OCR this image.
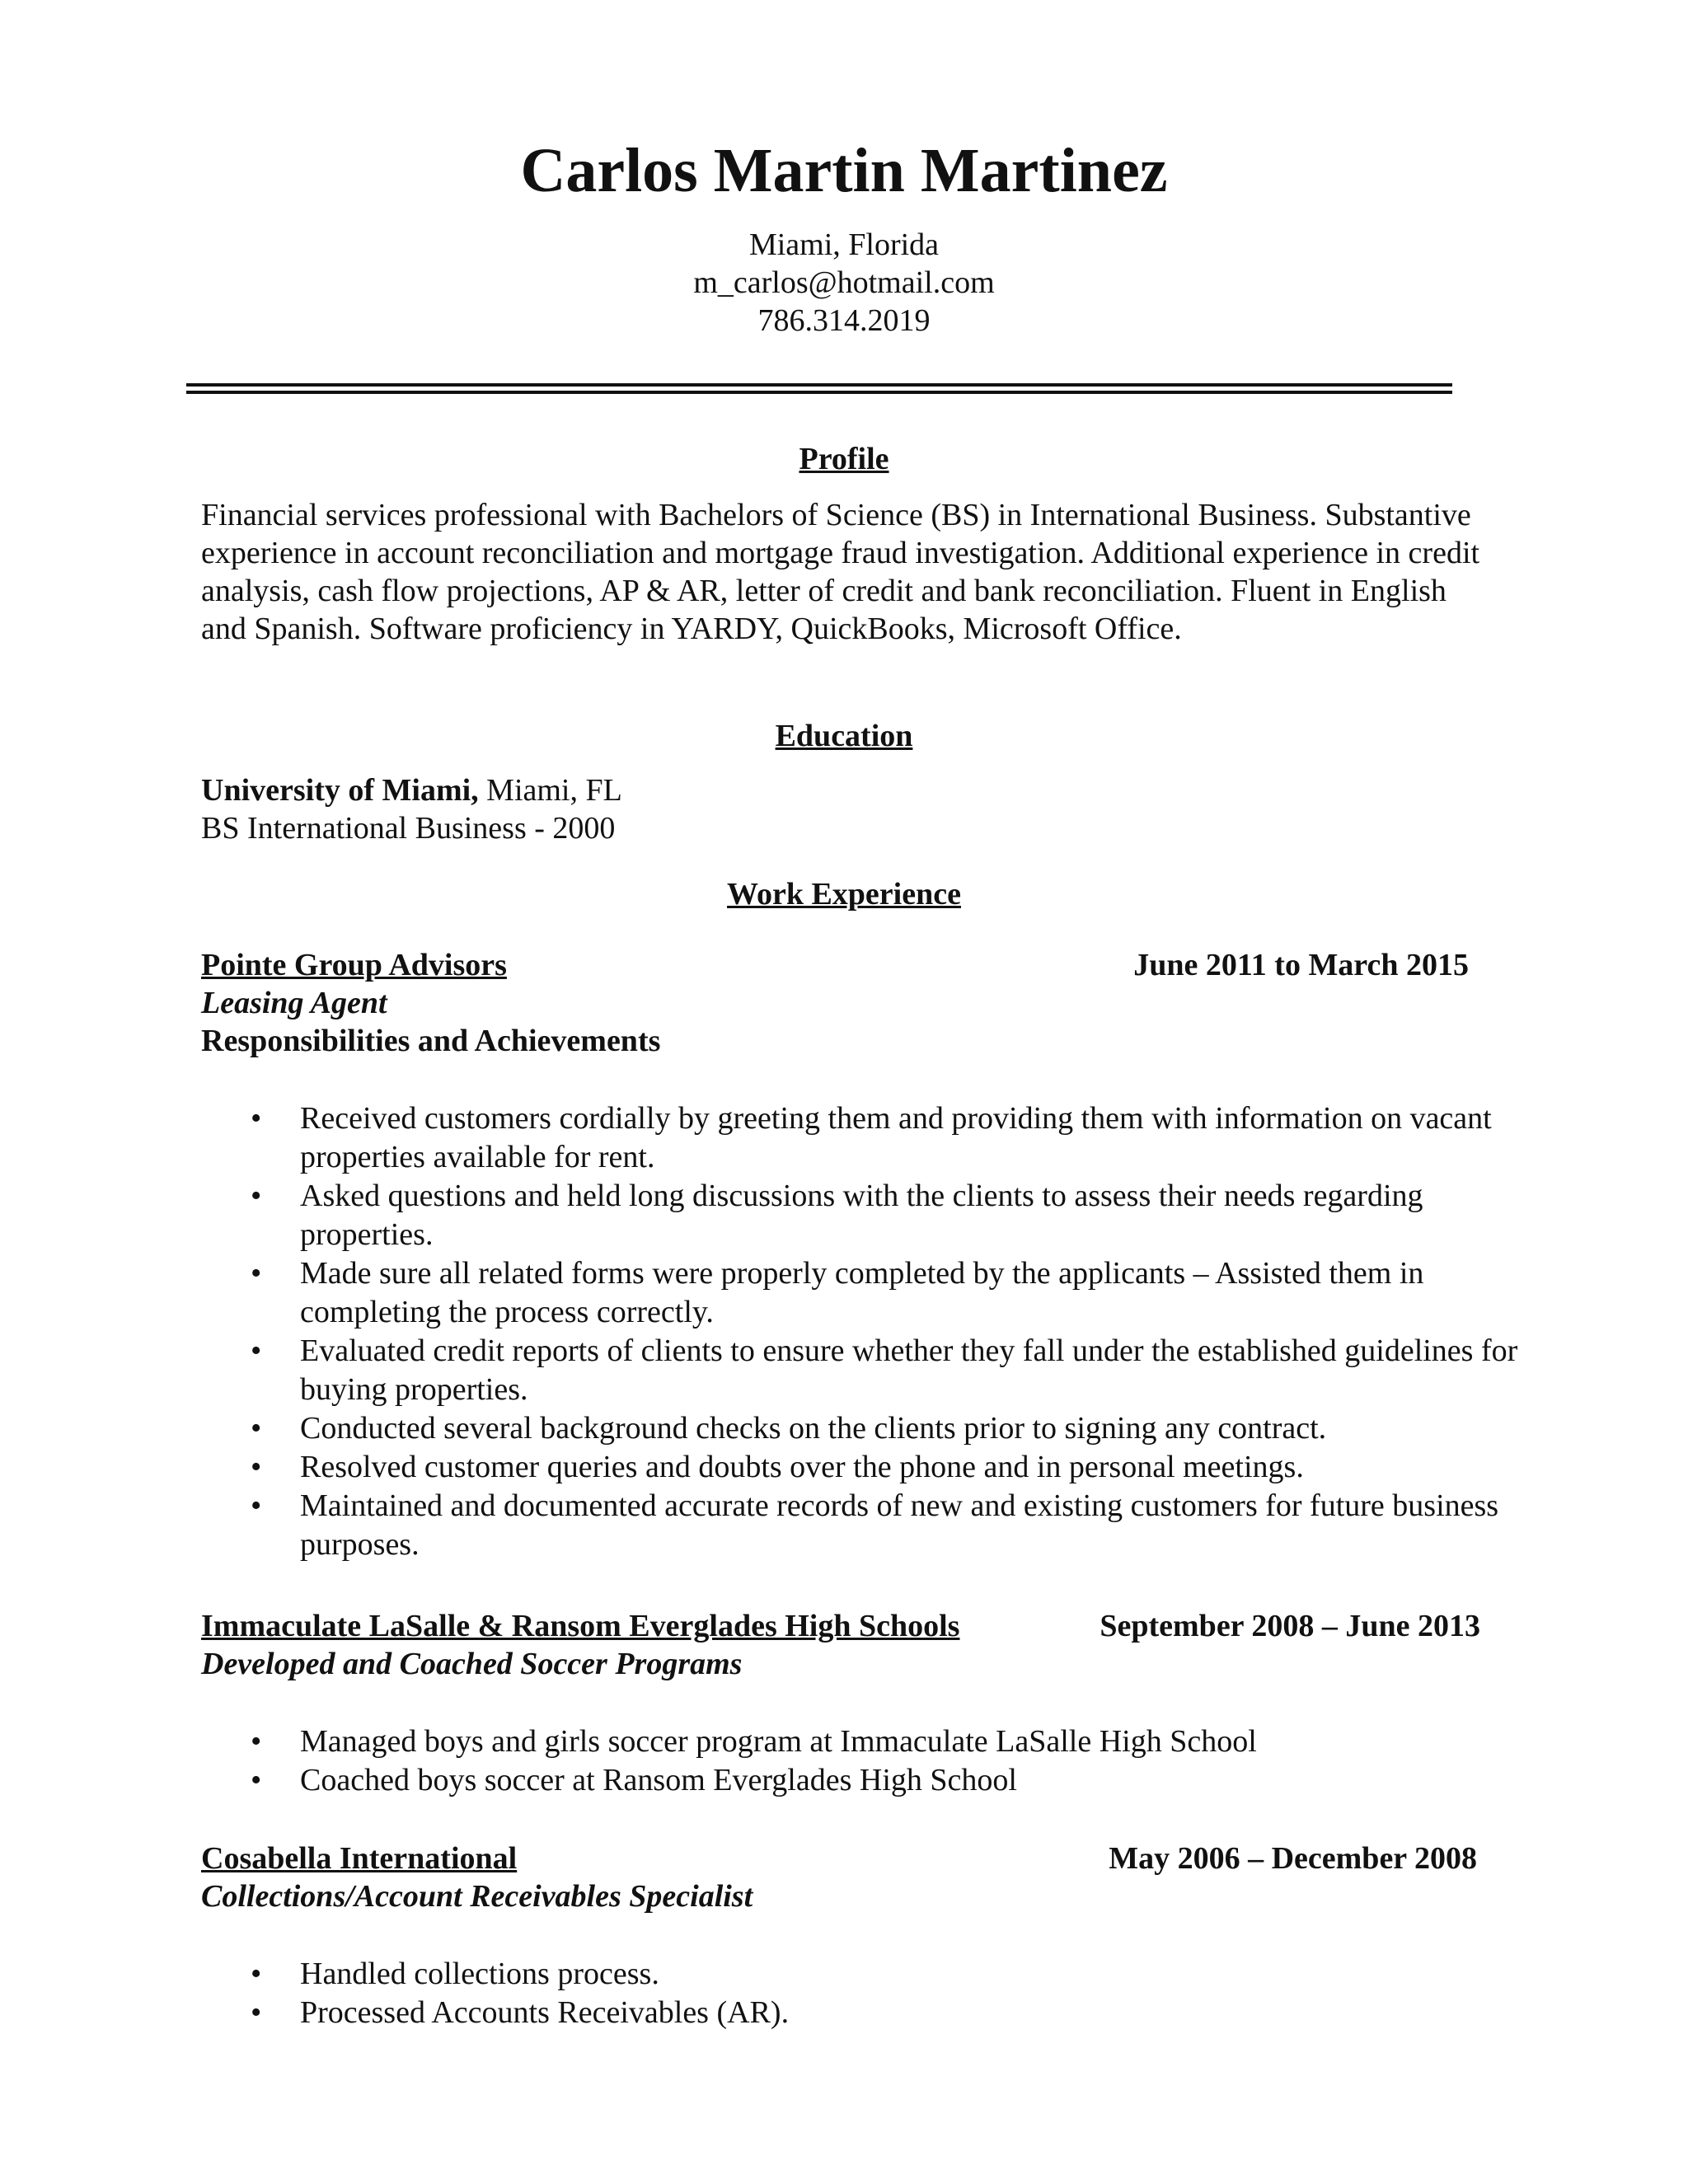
Carlos Martin Martinez
Miami, Florida
m_carlos@hotmail.com
786.314.2019
Profile
Financial services professional with Bachelors of Science (BS) in International Business. Substantive experience in account reconciliation and mortgage fraud investigation. Additional experience in credit analysis, cash flow projections, AP & AR, letter of credit and bank reconciliation. Fluent in English and Spanish. Software proficiency in YARDY, QuickBooks, Microsoft Office.
Education
University of Miami, Miami, FL
BS International Business - 2000
Work Experience
Pointe Group Advisors	June 2011 to March 2015
Leasing Agent
Responsibilities and Achievements
• Received customers cordially by greeting them and providing them with information on vacant properties available for rent.
• Asked questions and held long discussions with the clients to assess their needs regarding properties.
• Made sure all related forms were properly completed by the applicants – Assisted them in completing the process correctly.
• Evaluated credit reports of clients to ensure whether they fall under the established guidelines for buying properties.
• Conducted several background checks on the clients prior to signing any contract.
• Resolved customer queries and doubts over the phone and in personal meetings.
• Maintained and documented accurate records of new and existing customers for future business purposes.
Immaculate LaSalle & Ransom Everglades High Schools	September 2008 – June 2013
Developed and Coached Soccer Programs
• Managed boys and girls soccer program at Immaculate LaSalle High School
• Coached boys soccer at Ransom Everglades High School
Cosabella International	May 2006 – December 2008
Collections/Account Receivables Specialist
• Handled collections process.
• Processed Accounts Receivables (AR).
